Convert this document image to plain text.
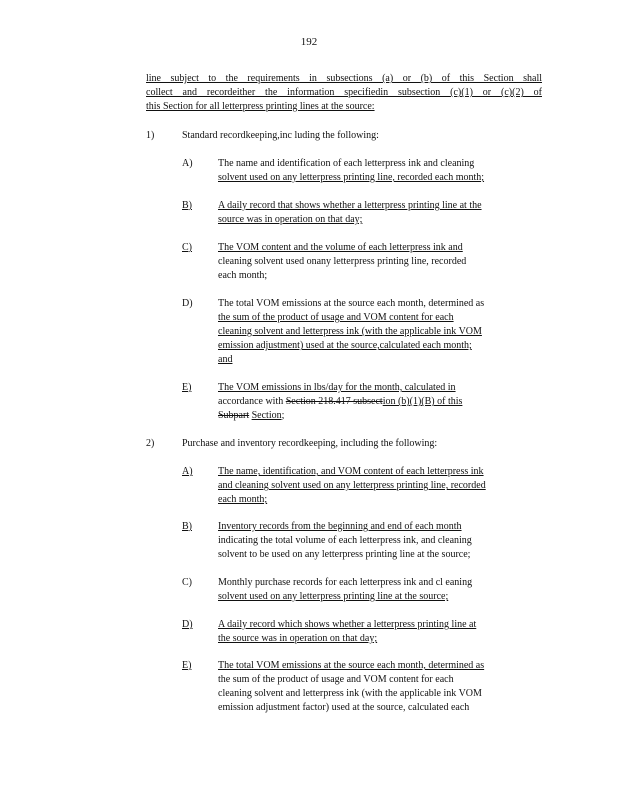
192
line subject to the requirements in subsections (a) or (b) of this Section shall
collect and recordeither the information specifiedin subsection (c)(1) or (c)(2) of
this Section for all letterpress printing lines at the source:
1)	Standard recordkeeping,inc luding the following:
A)	The name and identification of each letterpress ink and cleaning
solvent used on any letterpress printing line, recorded each month;
B)	A daily record that shows whether a letterpress printing line at the
source was in operation on that day;
C)	The VOM content and the volume of each letterpress ink and
cleaning solvent used onany letterpress printing line, recorded
each month;
D)	The total VOM emissions at the source each month, determined as
the sum of the product of usage and VOM content for each
cleaning solvent and letterpress ink (with the applicable ink VOM
emission adjustment) used at the source,calculated each month;
and
E)	The VOM emissions in lbs/day for the month, calculated in
accordance with Section 218.417 subsection (b)(1)(B) of this
Subpart Section;
2)	Purchase and inventory recordkeeping, including the following:
A)	The name, identification, and VOM content of each letterpress ink
and cleaning solvent used on any letterpress printing line, recorded
each month;
B)	Inventory records from the beginning and end of each month
indicating the total volume of each letterpress ink, and cleaning
solvent to be used on any letterpress printing line at the source;
C)	Monthly purchase records for each letterpress ink and cl eaning
solvent used on any letterpress printing line at the source;
D)	A daily record which shows whether a letterpress printing line at
the source was in operation on that day;
E)	The total VOM emissions at the source each month, determined as
the sum of the product of usage and VOM content for each
cleaning solvent and letterpress ink (with the applicable ink VOM
emission adjustment factor) used at the source, calculated each
